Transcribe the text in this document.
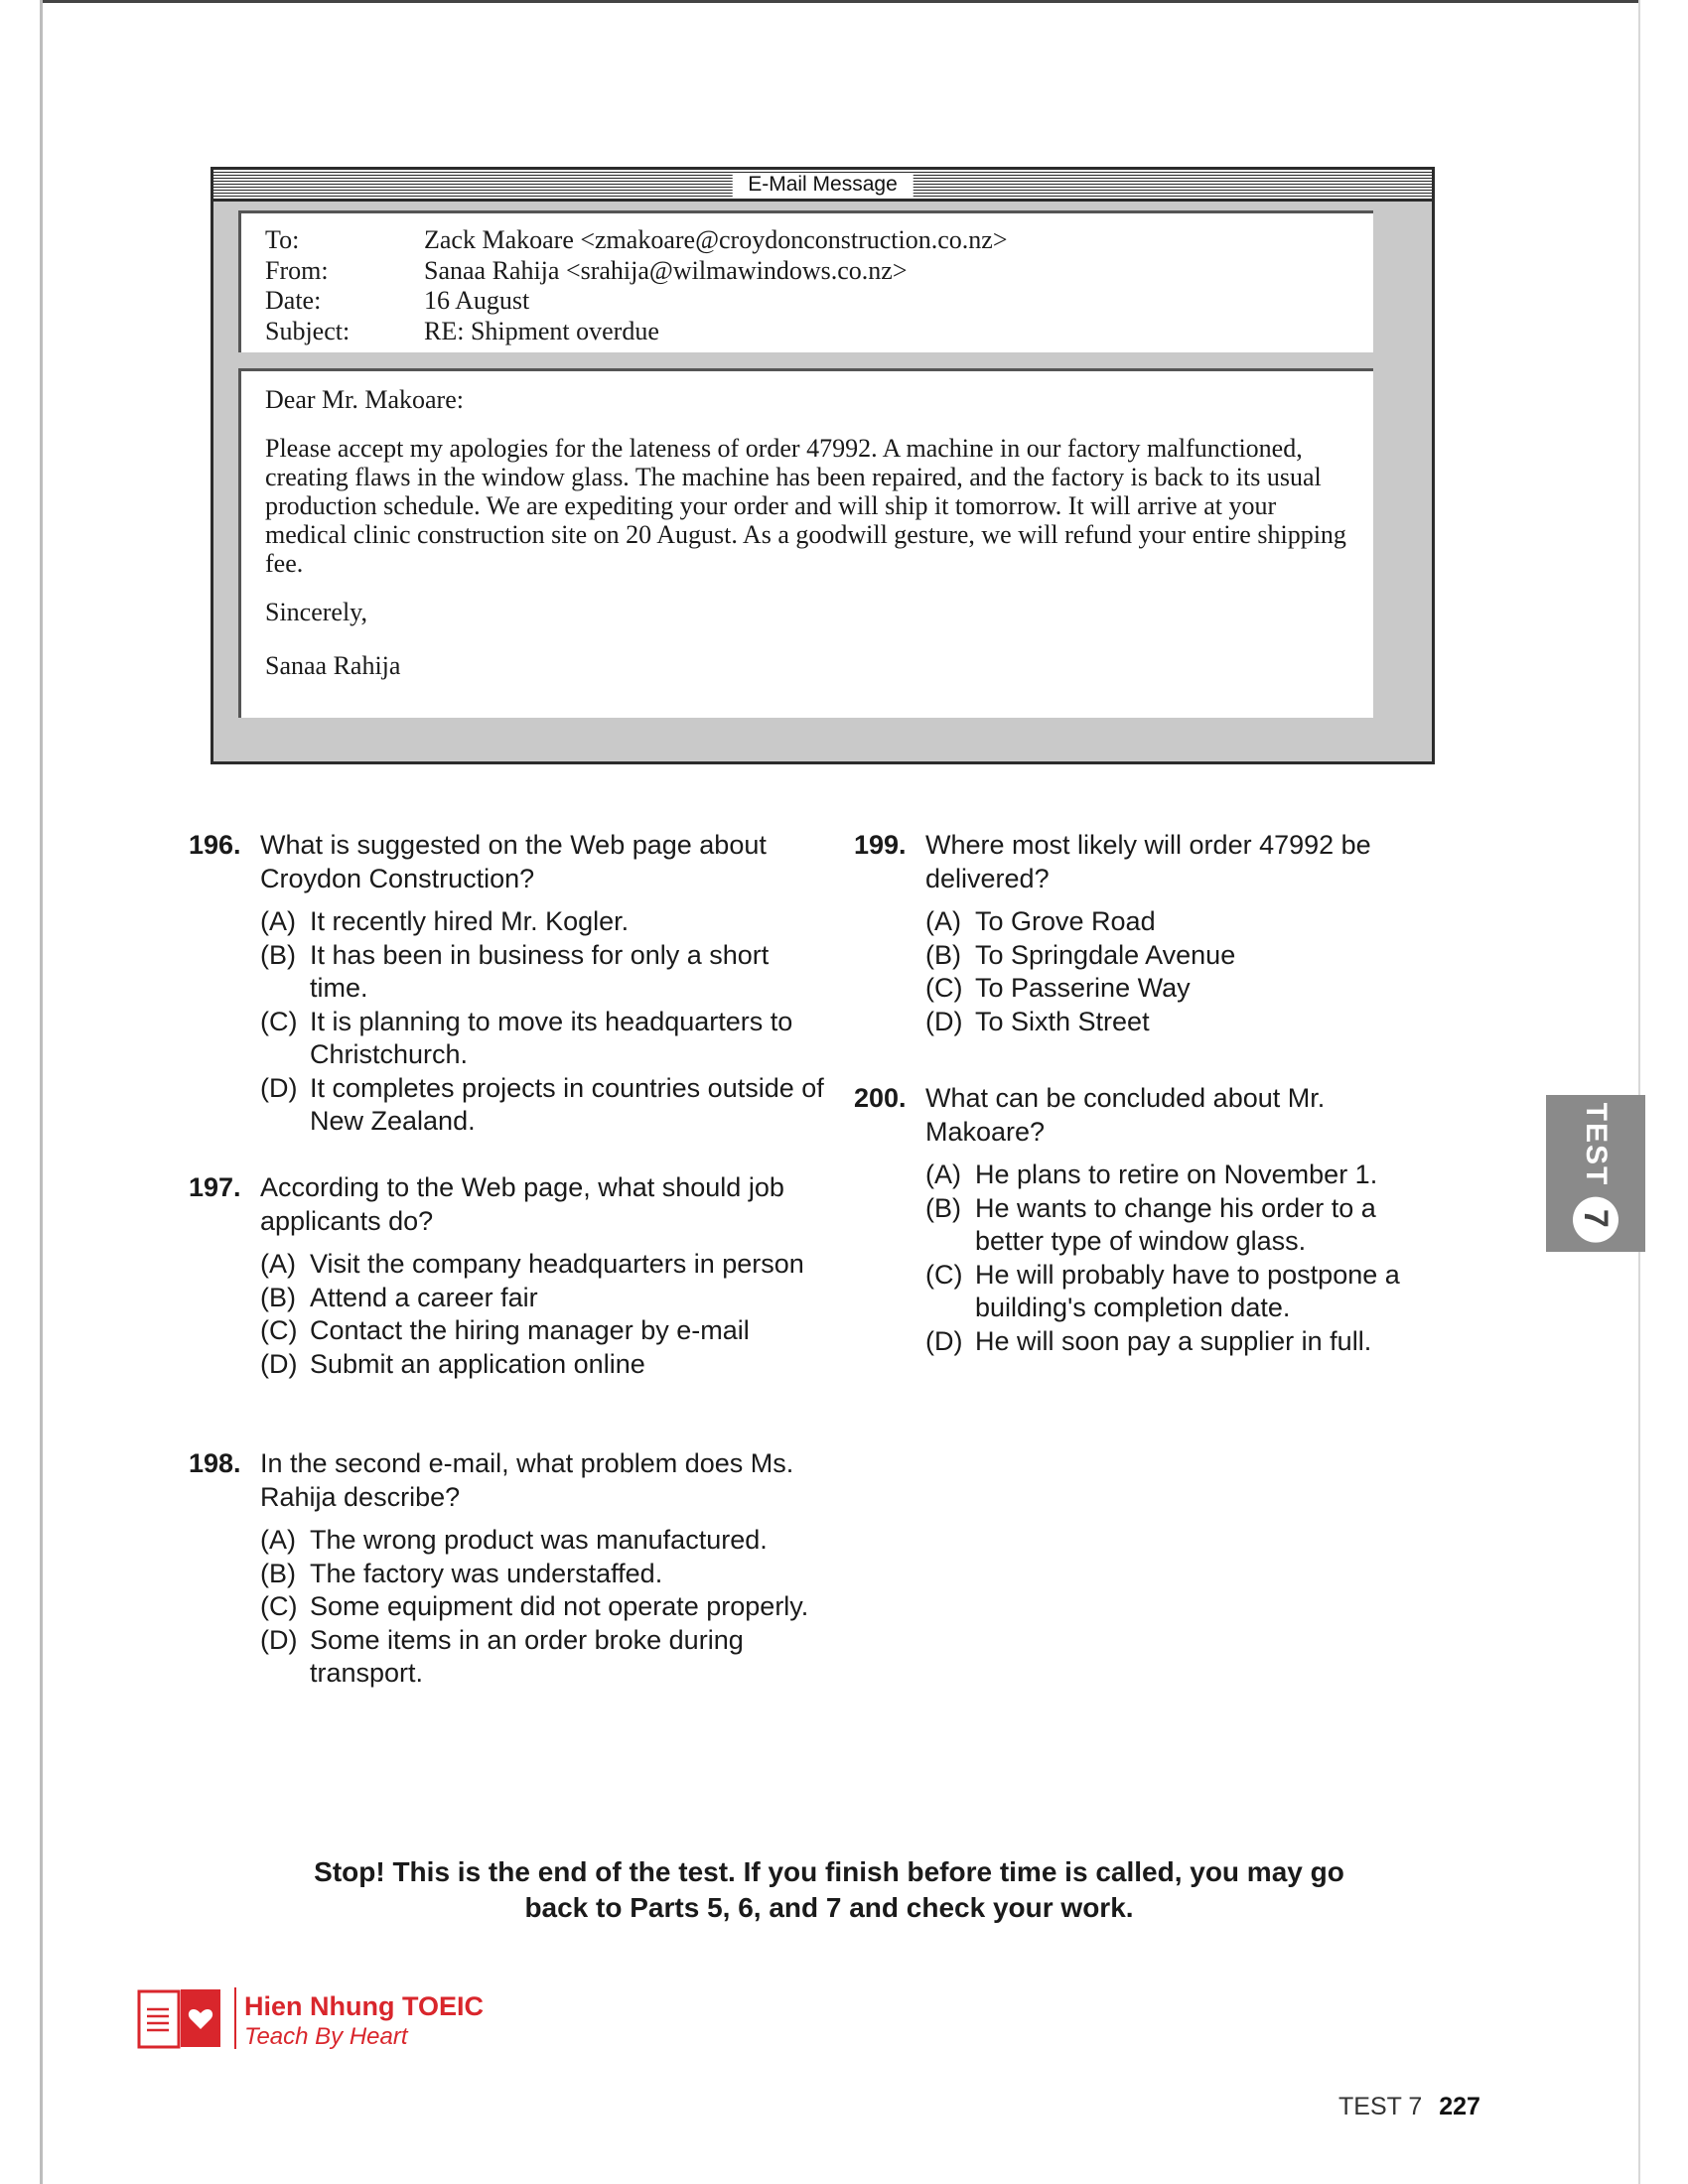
E-Mail Message
To:	Zack Makoare <zmakoare@croydonconstruction.co.nz>
From:	Sanaa Rahija <srahija@wilmawindows.co.nz>
Date:	16 August
Subject:	RE: Shipment overdue

Dear Mr. Makoare:

Please accept my apologies for the lateness of order 47992. A machine in our factory malfunctioned, creating flaws in the window glass. The machine has been repaired, and the factory is back to its usual production schedule. We are expediting your order and will ship it tomorrow. It will arrive at your medical clinic construction site on 20 August. As a goodwill gesture, we will refund your entire shipping fee.

Sincerely,

Sanaa Rahija

196. What is suggested on the Web page about Croydon Construction?
(A) It recently hired Mr. Kogler.
(B) It has been in business for only a short time.
(C) It is planning to move its headquarters to Christchurch.
(D) It completes projects in countries outside of New Zealand.
197. According to the Web page, what should job applicants do?
(A) Visit the company headquarters in person
(B) Attend a career fair
(C) Contact the hiring manager by e-mail
(D) Submit an application online
198. In the second e-mail, what problem does Ms. Rahija describe?
(A) The wrong product was manufactured.
(B) The factory was understaffed.
(C) Some equipment did not operate properly.
(D) Some items in an order broke during transport.
199. Where most likely will order 47992 be delivered?
(A) To Grove Road
(B) To Springdale Avenue
(C) To Passerine Way
(D) To Sixth Street
200. What can be concluded about Mr. Makoare?
(A) He plans to retire on November 1.
(B) He wants to change his order to a better type of window glass.
(C) He will probably have to postpone a building's completion date.
(D) He will soon pay a supplier in full.
TEST
7
Stop! This is the end of the test. If you finish before time is called, you may go
back to Parts 5, 6, and 7 and check your work.
Hien Nhung TOEIC
Teach By Heart
TEST 7 227
